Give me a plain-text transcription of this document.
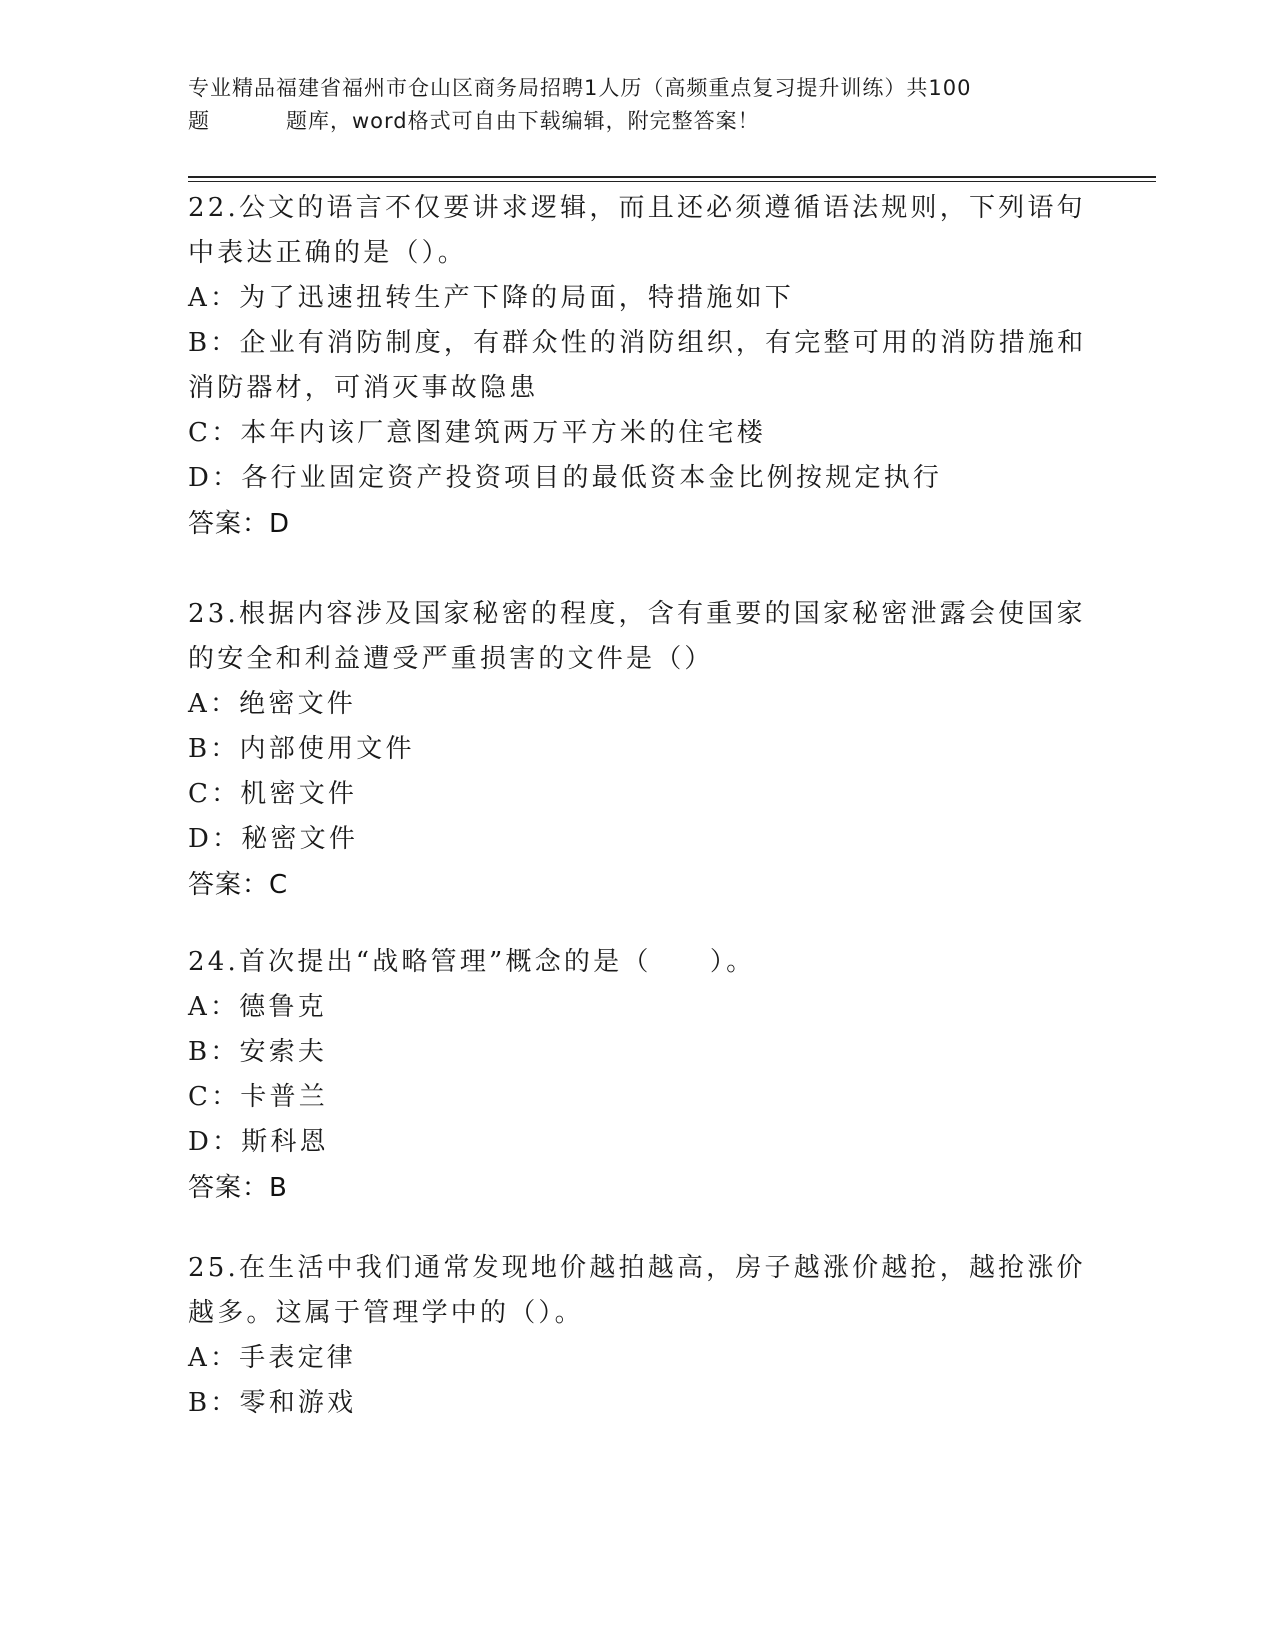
专业精品福建省福州市仓山区商务局招聘1人历（高频重点复习提升训练）共100
题	题库，word格式可自由下载编辑，附完整答案！
22.公文的语言不仅要讲求逻辑，而且还必须遵循语法规则，下列语句
中表达正确的是（）。
A：为了迅速扭转生产下降的局面，特措施如下
B：企业有消防制度，有群众性的消防组织，有完整可用的消防措施和
消防器材，可消灭事故隐患
C：本年内该厂意图建筑两万平方米的住宅楼
D：各行业固定资产投资项目的最低资本金比例按规定执行
答案：D
23.根据内容涉及国家秘密的程度，含有重要的国家秘密泄露会使国家
的安全和利益遭受严重损害的文件是（）
A：绝密文件
B：内部使用文件
C：机密文件
D：秘密文件
答案：C
24.首次提出“战略管理”概念的是（　　）。
A：德鲁克
B：安索夫
C：卡普兰
D：斯科恩
答案：B
25.在生活中我们通常发现地价越拍越高，房子越涨价越抢，越抢涨价
越多。这属于管理学中的（）。
A：手表定律
B：零和游戏
